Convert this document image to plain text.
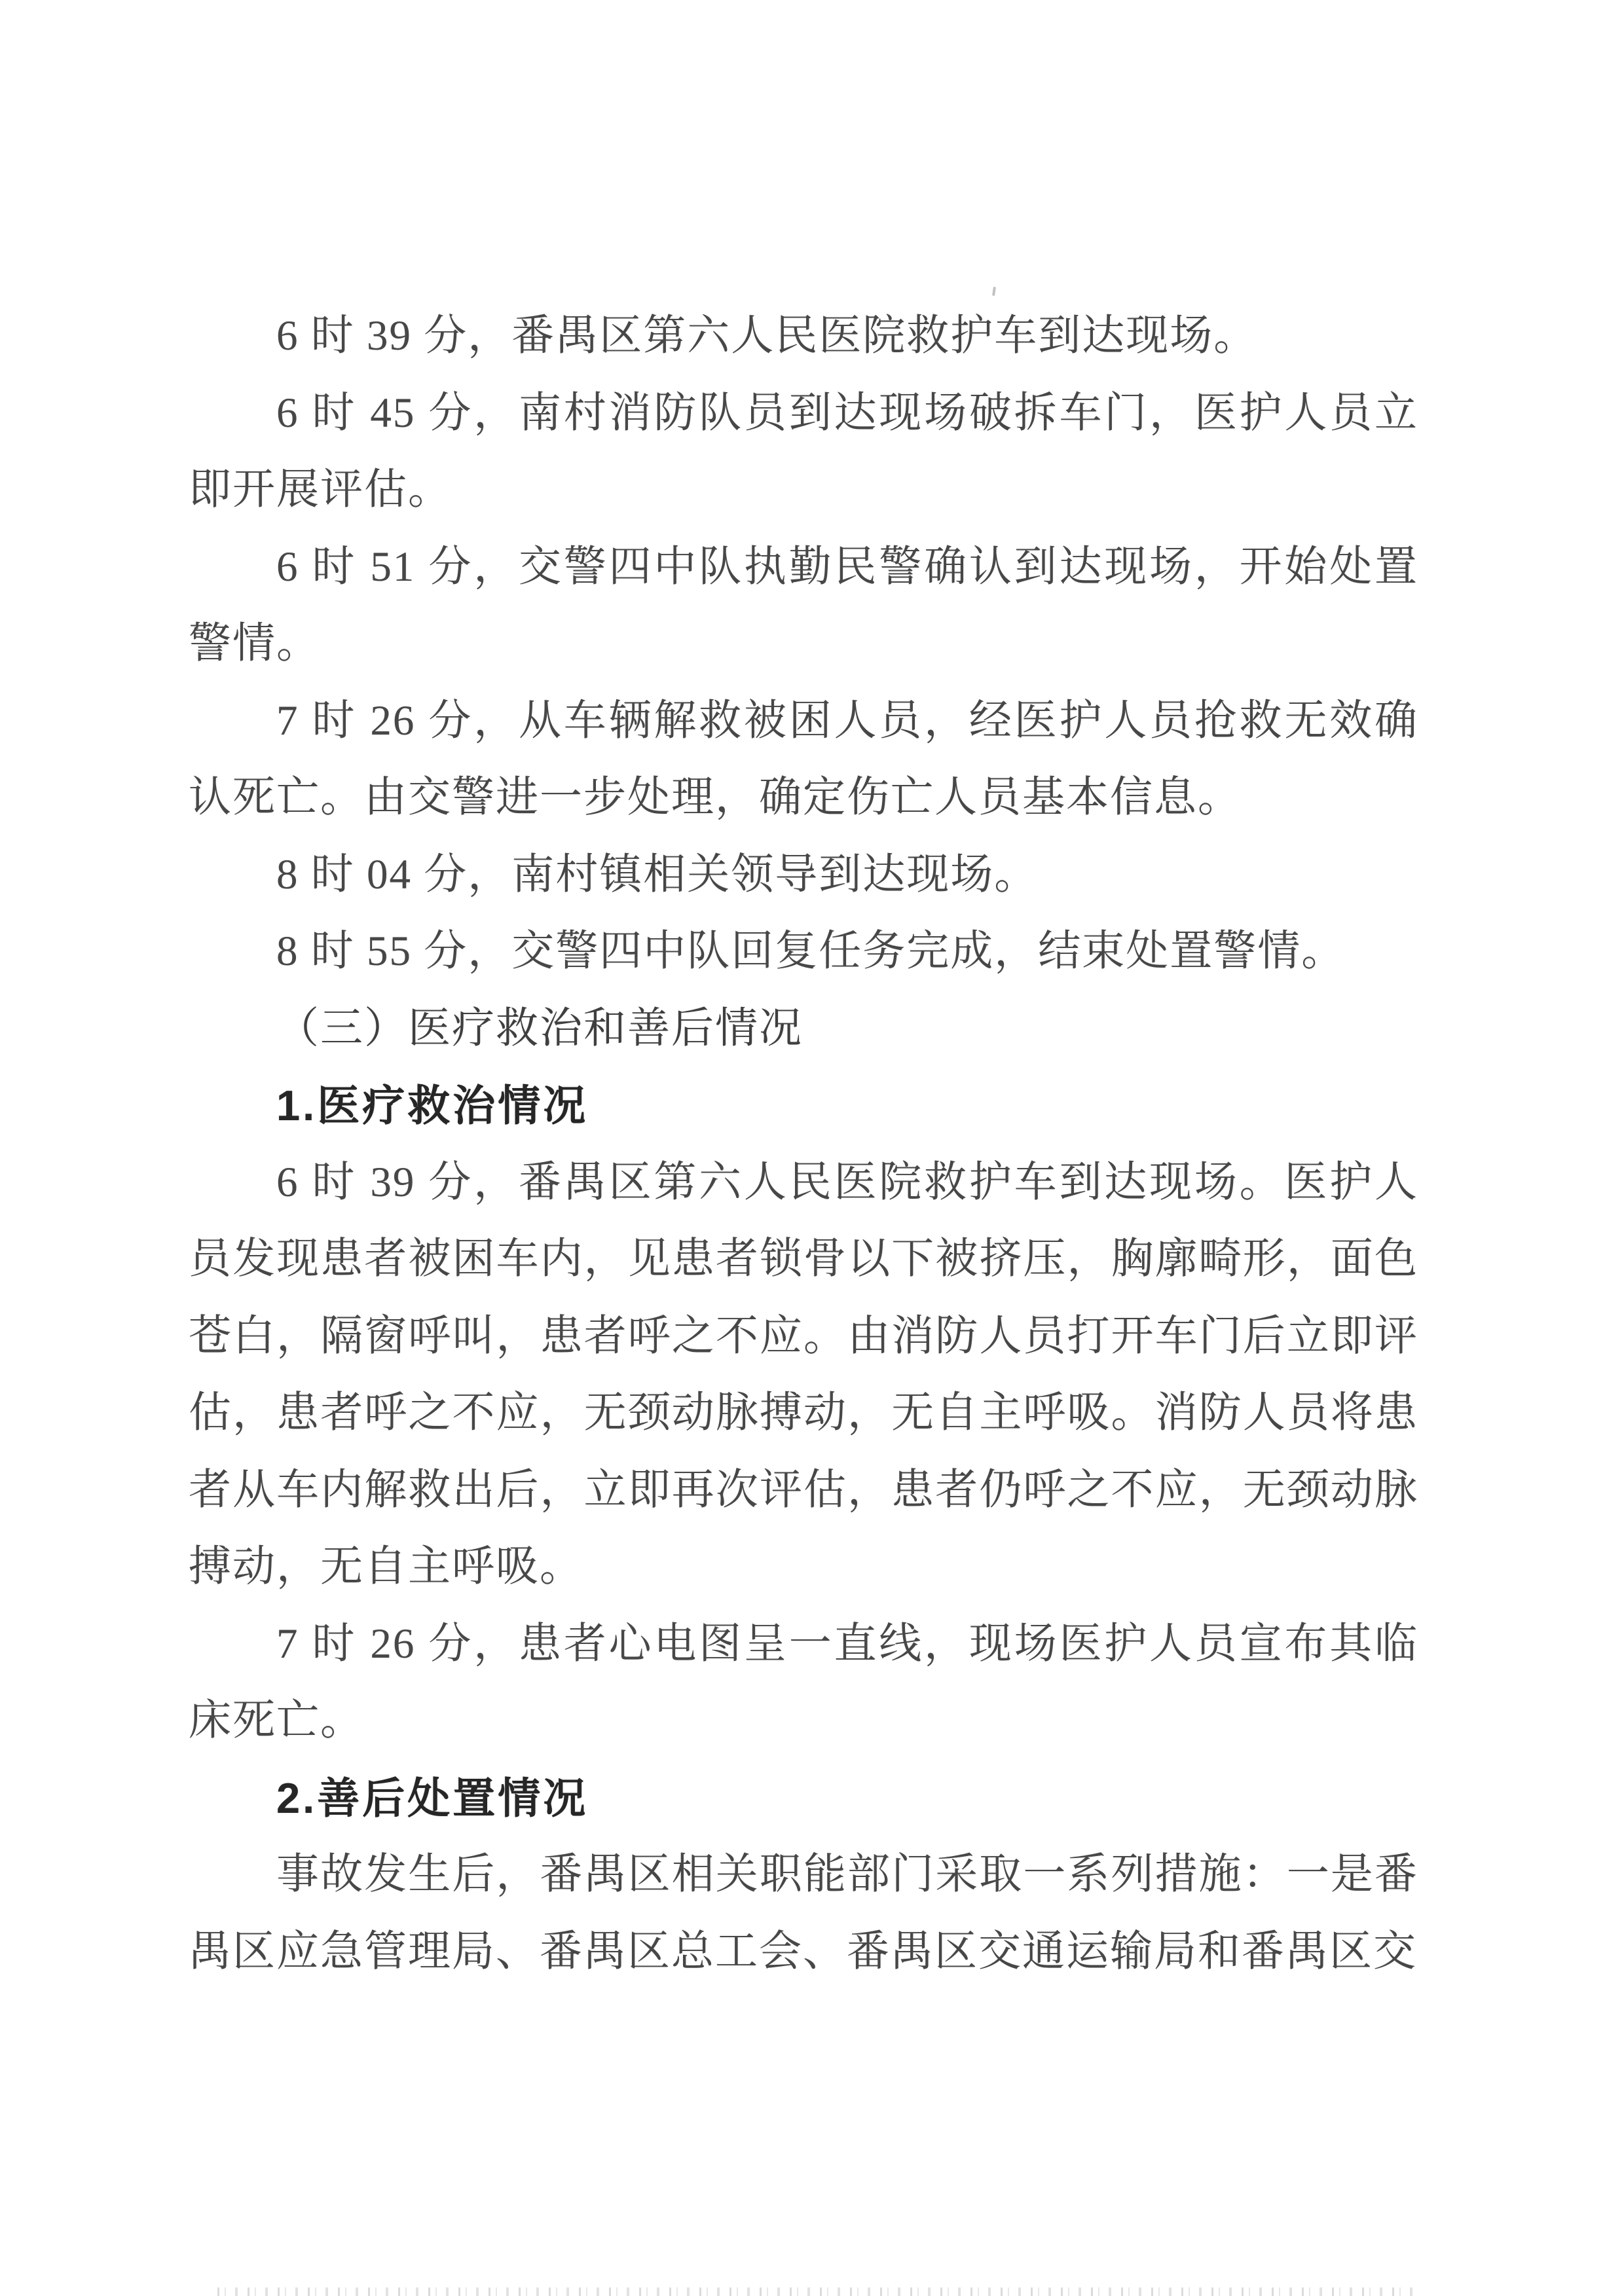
6 时 39 分，番禺区第六人民医院救护车到达现场。

6 时 45 分，南村消防队员到达现场破拆车门，医护人员立即开展评估。

6 时 51 分，交警四中队执勤民警确认到达现场，开始处置警情。

7 时 26 分，从车辆解救被困人员，经医护人员抢救无效确认死亡。由交警进一步处理，确定伤亡人员基本信息。

8 时 04 分，南村镇相关领导到达现场。

8 时 55 分，交警四中队回复任务完成，结束处置警情。

（三）医疗救治和善后情况

1.医疗救治情况

6 时 39 分，番禺区第六人民医院救护车到达现场。医护人员发现患者被困车内，见患者锁骨以下被挤压，胸廓畸形，面色苍白，隔窗呼叫，患者呼之不应。由消防人员打开车门后立即评估，患者呼之不应，无颈动脉搏动，无自主呼吸。消防人员将患者从车内解救出后，立即再次评估，患者仍呼之不应，无颈动脉搏动，无自主呼吸。

7 时 26 分，患者心电图呈一直线，现场医护人员宣布其临床死亡。

2.善后处置情况

事故发生后，番禺区相关职能部门采取一系列措施：一是番禺区应急管理局、番禺区总工会、番禺区交通运输局和番禺区交
